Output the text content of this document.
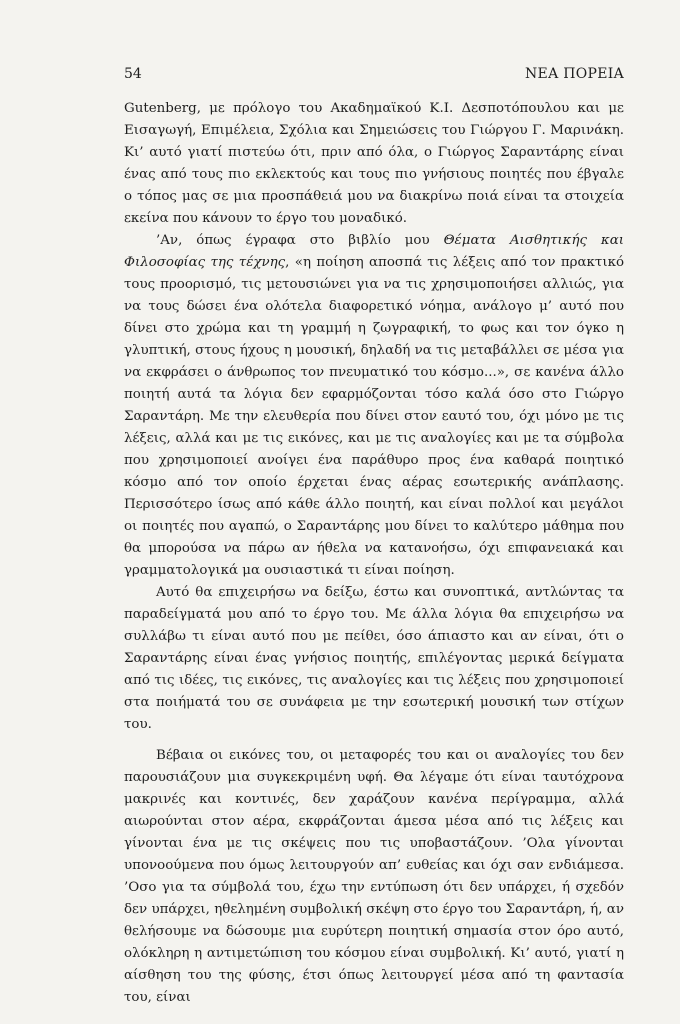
54	ΝΕΑ ΠΟΡΕΙΑ

Gutenberg, με πρόλογο του Ακαδημαϊκού Κ.Ι. Δεσποτόπουλου και με Εισαγωγή, Επιμέλεια, Σχόλια και Σημειώσεις του Γιώργου Γ. Μαρινάκη. Κι’ αυτό γιατί πιστεύω ότι, πριν από όλα, ο Γιώργος Σαραντάρης είναι ένας από τους πιο εκλεκτούς και τους πιο γνήσιους ποιητές που έβγαλε ο τόπος μας σε μια προσπάθειά μου να διακρίνω ποιά είναι τα στοιχεία εκείνα που κάνουν το έργο του μοναδικό.

’Αν, όπως έγραφα στο βιβλίο μου Θέματα Αισθητικής και Φιλοσοφίας της τέχνης, «η ποίηση αποσπά τις λέξεις από τον πρακτικό τους προορισμό, τις μετουσιώνει για να τις χρησιμοποιήσει αλλιώς, για να τους δώσει ένα ολότελα διαφορετικό νόημα, ανάλογο μ’ αυτό που δίνει στο χρώμα και τη γραμμή η ζωγραφική, το φως και τον όγκο η γλυπτική, στους ήχους η μουσική, δηλαδή να τις μεταβάλλει σε μέσα για να εκφράσει ο άνθρωπος τον πνευματικό του κόσμο...», σε κανένα άλλο ποιητή αυτά τα λόγια δεν εφαρμόζονται τόσο καλά όσο στο Γιώργο Σαραντάρη. Με την ελευθερία που δίνει στον εαυτό του, όχι μόνο με τις λέξεις, αλλά και με τις εικόνες, και με τις αναλογίες και με τα σύμβολα που χρησιμοποιεί ανοίγει ένα παράθυρο προς ένα καθαρά ποιητικό κόσμο από τον οποίο έρχεται ένας αέρας εσωτερικής ανάπλασης. Περισσότερο ίσως από κάθε άλλο ποιητή, και είναι πολλοί και μεγάλοι οι ποιητές που αγαπώ, ο Σαραντάρης μου δίνει το καλύτερο μάθημα που θα μπορούσα να πάρω αν ήθελα να κατανοήσω, όχι επιφανειακά και γραμματολογικά μα ουσιαστικά τι είναι ποίηση.

Αυτό θα επιχειρήσω να δείξω, έστω και συνοπτικά, αντλώντας τα παραδείγματά μου από το έργο του. Με άλλα λόγια θα επιχειρήσω να συλλάβω τι είναι αυτό που με πείθει, όσο άπιαστο και αν είναι, ότι ο Σαραντάρης είναι ένας γνήσιος ποιητής, επιλέγοντας μερικά δείγματα από τις ιδέες, τις εικόνες, τις αναλογίες και τις λέξεις που χρησιμοποιεί στα ποιήματά του σε συνάφεια με την εσωτερική μουσική των στίχων του.

Βέβαια οι εικόνες του, οι μεταφορές του και οι αναλογίες του δεν παρουσιάζουν μια συγκεκριμένη υφή. Θα λέγαμε ότι είναι ταυτόχρονα μακρινές και κοντινές, δεν χαράζουν κανένα περίγραμμα, αλλά αιωρούνται στον αέρα, εκφράζονται άμεσα μέσα από τις λέξεις και γίνονται ένα με τις σκέψεις που τις υποβαστάζουν. ’Ολα γίνονται υπονοούμενα που όμως λειτουργούν απ’ ευθείας και όχι σαν ενδιάμεσα. ’Οσο για τα σύμβολά του, έχω την εντύπωση ότι δεν υπάρχει, ή σχεδόν δεν υπάρχει, ηθελημένη συμβολική σκέψη στο έργο του Σαραντάρη, ή, αν θελήσουμε να δώσουμε μια ευρύτερη ποιητική σημασία στον όρο αυτό, ολόκληρη η αντιμετώπιση του κόσμου είναι συμβολική. Κι’ αυτό, γιατί η αίσθηση του της φύσης, έτσι όπως λειτουργεί μέσα από τη φαντασία του, είναι
